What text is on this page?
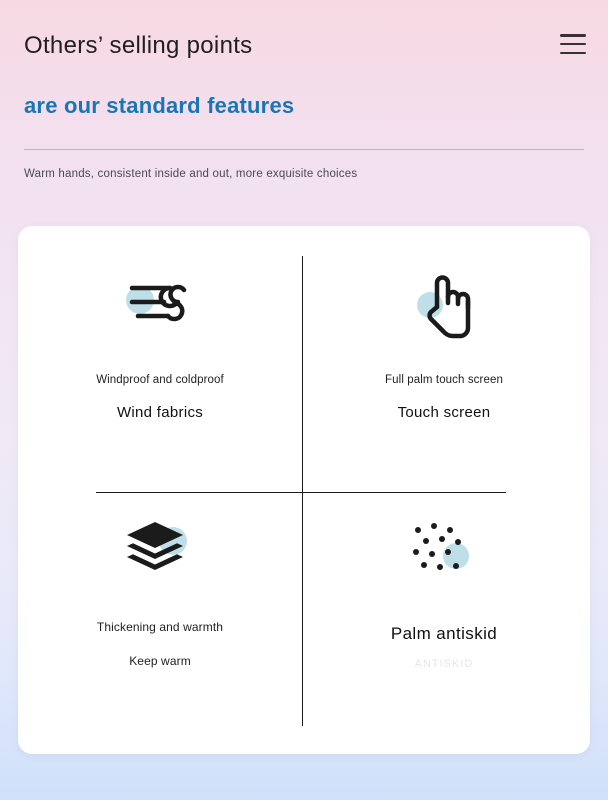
Others’ selling points
are our standard features
Warm hands, consistent inside and out, more exquisite choices
Windproof and coldproof
Wind fabrics
Full palm touch screen
Touch screen
Thickening and warmth
Keep warm
Palm antiskid
ANTISKID
